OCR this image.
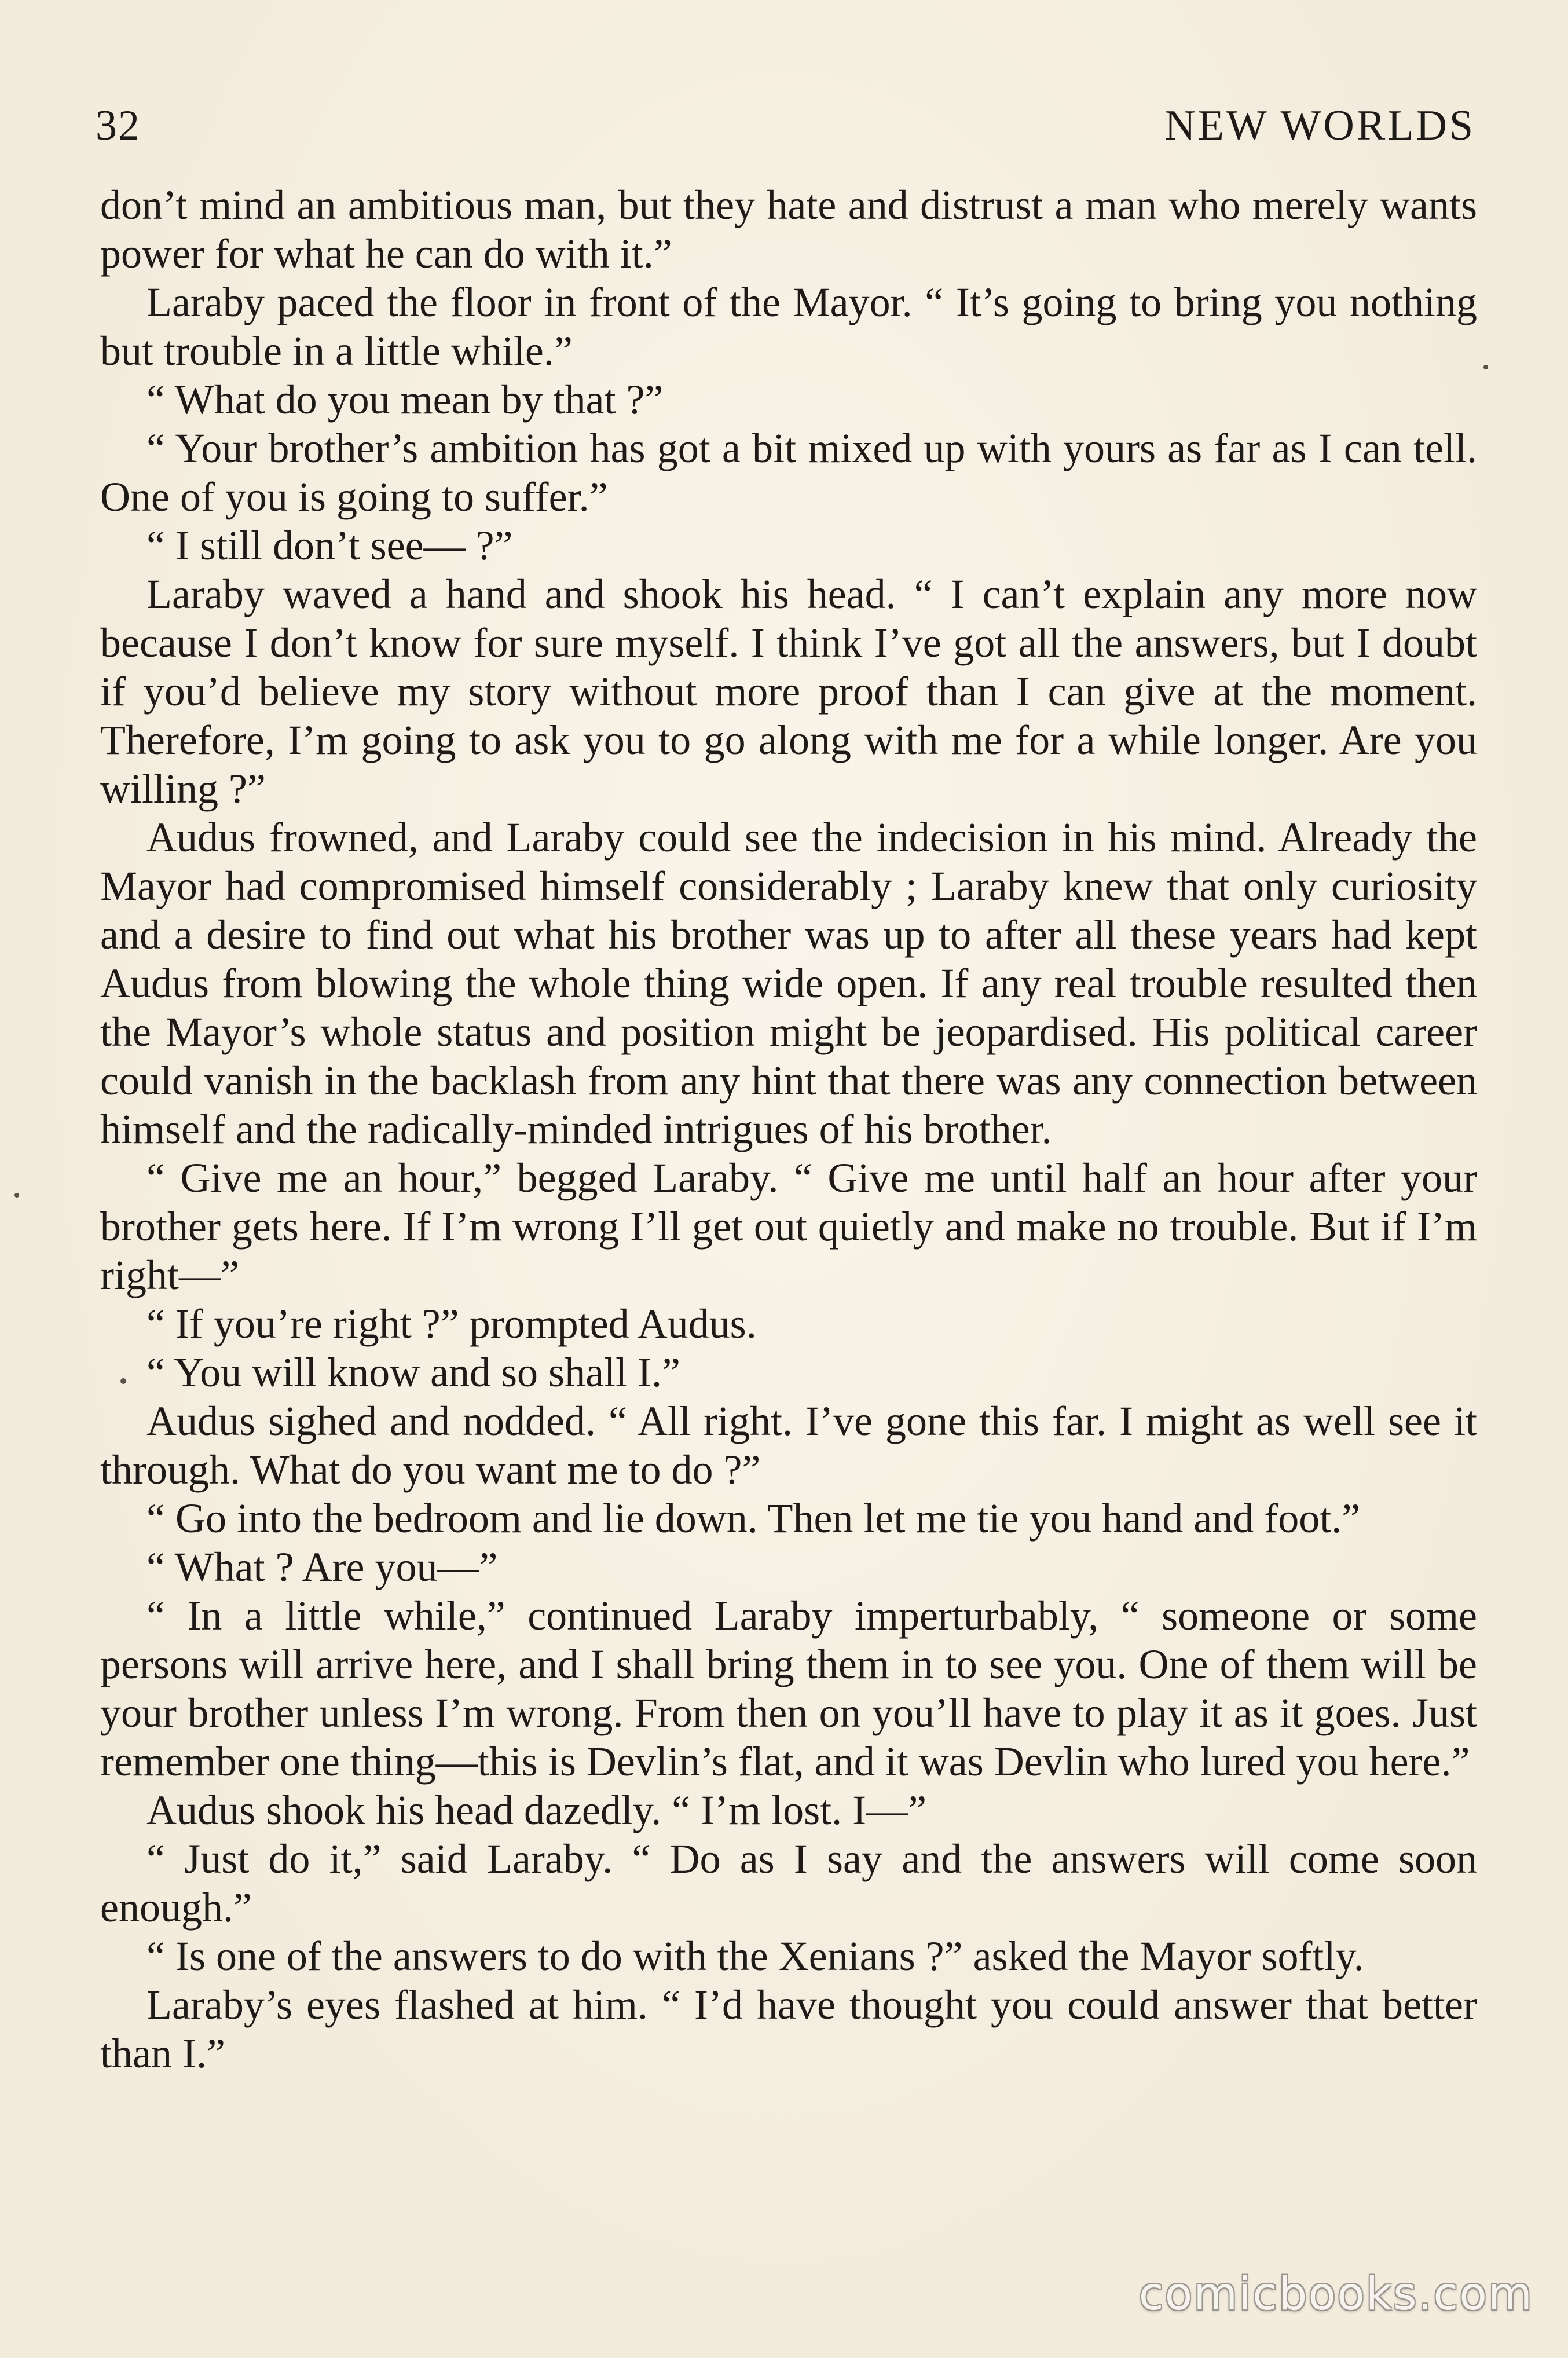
32	NEW WORLDS

don’t mind an ambitious man, but they hate and distrust a man who merely wants power for what he can do with it.”

Laraby paced the floor in front of the Mayor. “ It’s going to bring you nothing but trouble in a little while.”

“ What do you mean by that ?”

“ Your brother’s ambition has got a bit mixed up with yours as far as I can tell. One of you is going to suffer.”

“ I still don’t see— ?”

Laraby waved a hand and shook his head. “ I can’t explain any more now because I don’t know for sure myself. I think I’ve got all the answers, but I doubt if you’d believe my story without more proof than I can give at the moment. Therefore, I’m going to ask you to go along with me for a while longer. Are you willing ?”

Audus frowned, and Laraby could see the indecision in his mind. Already the Mayor had compromised himself considerably ; Laraby knew that only curiosity and a desire to find out what his brother was up to after all these years had kept Audus from blowing the whole thing wide open. If any real trouble resulted then the Mayor’s whole status and position might be jeopardised. His political career could vanish in the backlash from any hint that there was any connection between himself and the radically-minded intrigues of his brother.

“ Give me an hour,” begged Laraby. “ Give me until half an hour after your brother gets here. If I’m wrong I’ll get out quietly and make no trouble. But if I’m right—”

“ If you’re right ?” prompted Audus.

“ You will know and so shall I.”

Audus sighed and nodded. “ All right. I’ve gone this far. I might as well see it through. What do you want me to do ?”

“ Go into the bedroom and lie down. Then let me tie you hand and foot.”

“ What ? Are you—”

“ In a little while,” continued Laraby imperturbably, “ someone or some persons will arrive here, and I shall bring them in to see you. One of them will be your brother unless I’m wrong. From then on you’ll have to play it as it goes. Just remember one thing—this is Devlin’s flat, and it was Devlin who lured you here.”

Audus shook his head dazedly. “ I’m lost. I—”

“ Just do it,” said Laraby. “ Do as I say and the answers will come soon enough.”

“ Is one of the answers to do with the Xenians ?” asked the Mayor softly.

Laraby’s eyes flashed at him. “ I’d have thought you could answer that better than I.”

comicbooks.com
